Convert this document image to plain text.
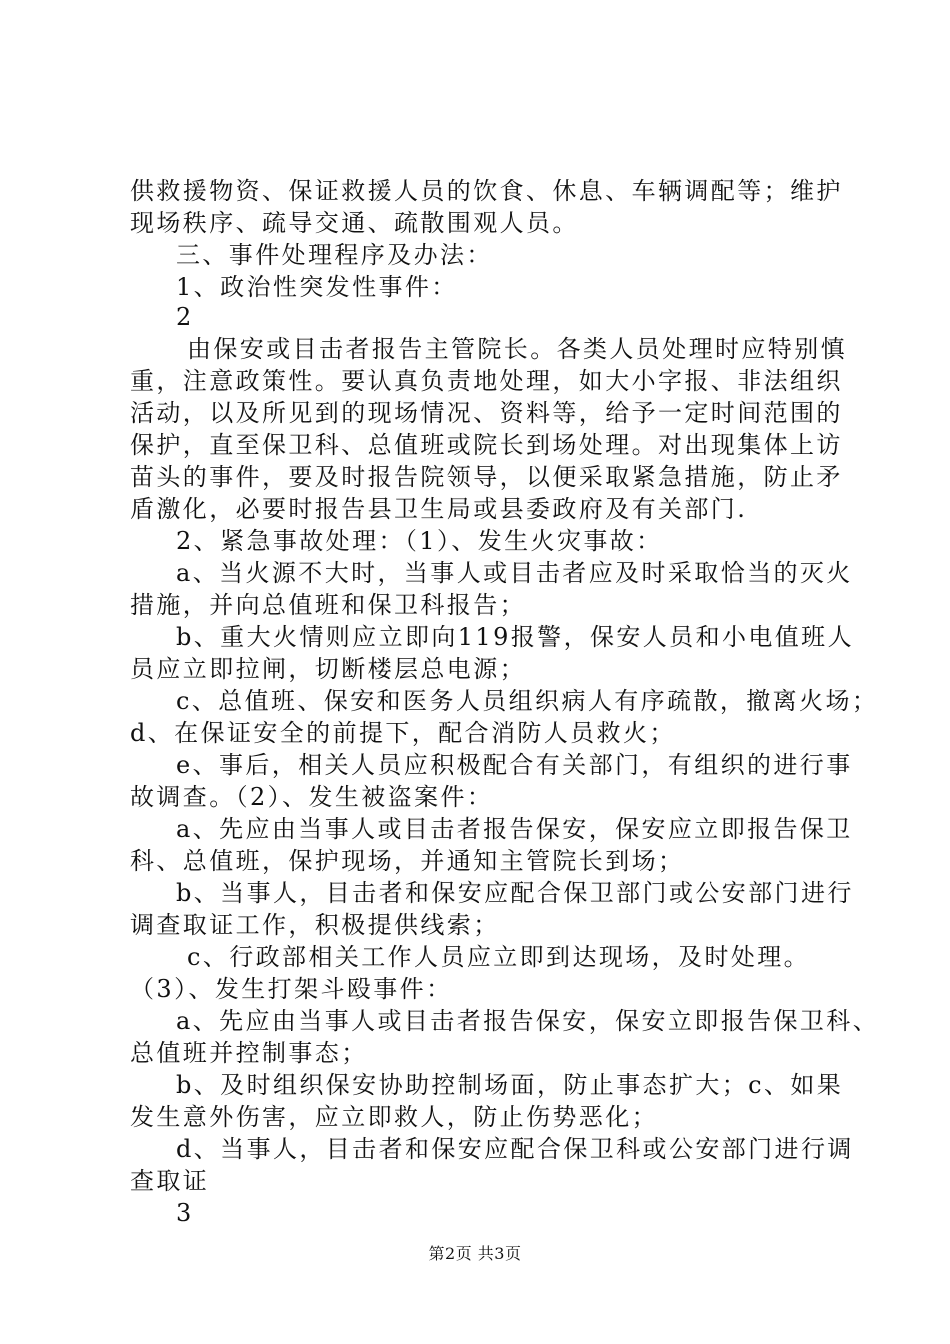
供救援物资、保证救援人员的饮食、休息、车辆调配等；维护
现场秩序、疏导交通、疏散围观人员。
三、事件处理程序及办法：
1、政治性突发性事件：
2
由保安或目击者报告主管院长。各类人员处理时应特别慎
重，注意政策性。要认真负责地处理，如大小字报、非法组织
活动，以及所见到的现场情况、资料等，给予一定时间范围的
保护，直至保卫科、总值班或院长到场处理。对出现集体上访
苗头的事件，要及时报告院领导，以便采取紧急措施，防止矛
盾激化，必要时报告县卫生局或县委政府及有关部门.
2、紧急事故处理：（1）、发生火灾事故：
a、当火源不大时，当事人或目击者应及时采取恰当的灭火
措施，并向总值班和保卫科报告；
b、重大火情则应立即向119报警，保安人员和小电值班人
员应立即拉闸，切断楼层总电源；
c、总值班、保安和医务人员组织病人有序疏散，撤离火场；
d、在保证安全的前提下，配合消防人员救火；
e、事后，相关人员应积极配合有关部门，有组织的进行事
故调查。（2）、发生被盗案件：
a、先应由当事人或目击者报告保安，保安应立即报告保卫
科、总值班，保护现场，并通知主管院长到场；
b、当事人，目击者和保安应配合保卫部门或公安部门进行
调查取证工作，积极提供线索；
c、行政部相关工作人员应立即到达现场，及时处理。
（3）、发生打架斗殴事件：
a、先应由当事人或目击者报告保安，保安立即报告保卫科、
总值班并控制事态；
b、及时组织保安协助控制场面，防止事态扩大；c、如果
发生意外伤害，应立即救人，防止伤势恶化；
d、当事人，目击者和保安应配合保卫科或公安部门进行调
查取证
3
第2页 共3页
